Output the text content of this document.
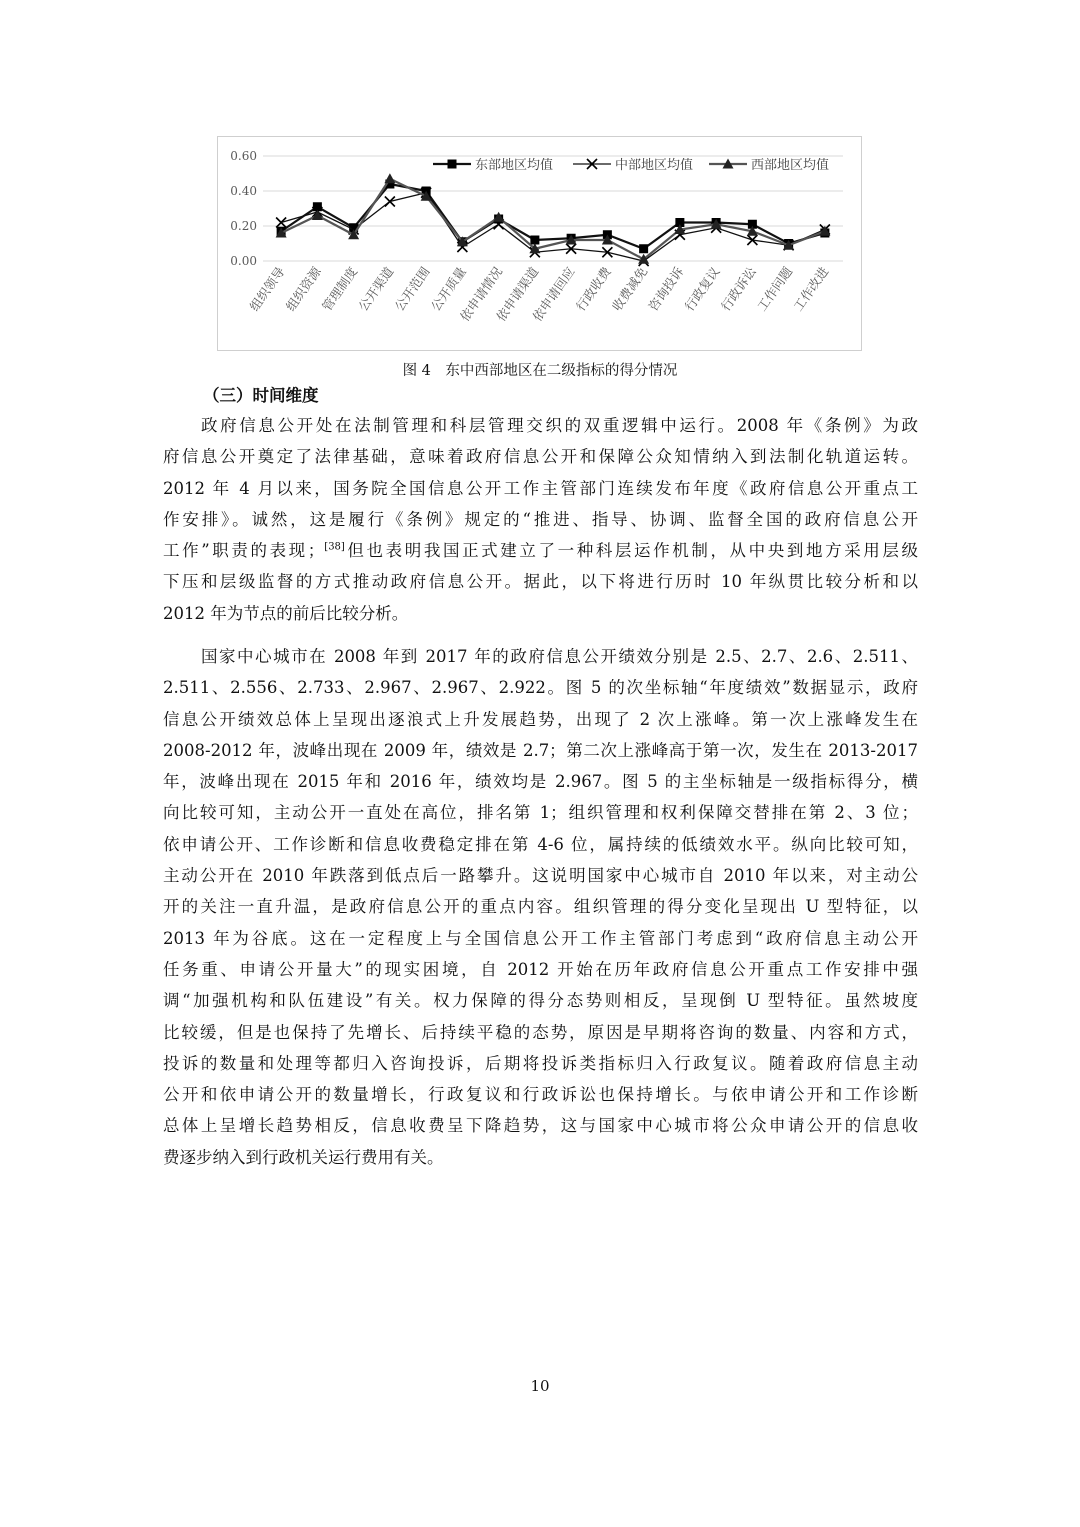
0.00
0.20
0.40
0.60
组织领导
组织资源
管理制度
公开渠道
公开范围
公开质量
依申请情况
依申请渠道
依申请回应
行政收费
收费减免
咨询投诉
行政复议
行政诉讼
工作问题
工作改进
东部地区均值	中部地区均值	西部地区均值
图 4　东中西部地区在二级指标的得分情况
（三）时间维度
政府信息公开处在法制管理和科层管理交织的双重逻辑中运行。2008 年《条例》为政
府信息公开奠定了法律基础，意味着政府信息公开和保障公众知情纳入到法制化轨道运转。
2012 年 4 月以来，国务院全国信息公开工作主管部门连续发布年度《政府信息公开重点工
作安排》。诚然，这是履行《条例》规定的“推进、指导、协调、监督全国的政府信息公开
工作”职责的表现；[38]但也表明我国正式建立了一种科层运作机制，从中央到地方采用层级
下压和层级监督的方式推动政府信息公开。据此，以下将进行历时 10 年纵贯比较分析和以
2012 年为节点的前后比较分析。
国家中心城市在 2008 年到 2017 年的政府信息公开绩效分别是 2.5、2.7、2.6、2.511、
2.511、2.556、2.733、2.967、2.967、2.922。图 5 的次坐标轴“年度绩效”数据显示，政府
信息公开绩效总体上呈现出逐浪式上升发展趋势，出现了 2 次上涨峰。第一次上涨峰发生在
2008-2012 年，波峰出现在 2009 年，绩效是 2.7；第二次上涨峰高于第一次，发生在 2013-2017
年，波峰出现在 2015 年和 2016 年，绩效均是 2.967。图 5 的主坐标轴是一级指标得分，横
向比较可知，主动公开一直处在高位，排名第 1；组织管理和权利保障交替排在第 2、3 位；
依申请公开、工作诊断和信息收费稳定排在第 4-6 位，属持续的低绩效水平。纵向比较可知，
主动公开在 2010 年跌落到低点后一路攀升。这说明国家中心城市自 2010 年以来，对主动公
开的关注一直升温，是政府信息公开的重点内容。组织管理的得分变化呈现出 U 型特征，以
2013 年为谷底。这在一定程度上与全国信息公开工作主管部门考虑到“政府信息主动公开
任务重、申请公开量大”的现实困境，自 2012 开始在历年政府信息公开重点工作安排中强
调“加强机构和队伍建设”有关。权力保障的得分态势则相反，呈现倒 U 型特征。虽然坡度
比较缓，但是也保持了先增长、后持续平稳的态势，原因是早期将咨询的数量、内容和方式，
投诉的数量和处理等都归入咨询投诉，后期将投诉类指标归入行政复议。随着政府信息主动
公开和依申请公开的数量增长，行政复议和行政诉讼也保持增长。与依申请公开和工作诊断
总体上呈增长趋势相反，信息收费呈下降趋势，这与国家中心城市将公众申请公开的信息收
费逐步纳入到行政机关运行费用有关。
10
